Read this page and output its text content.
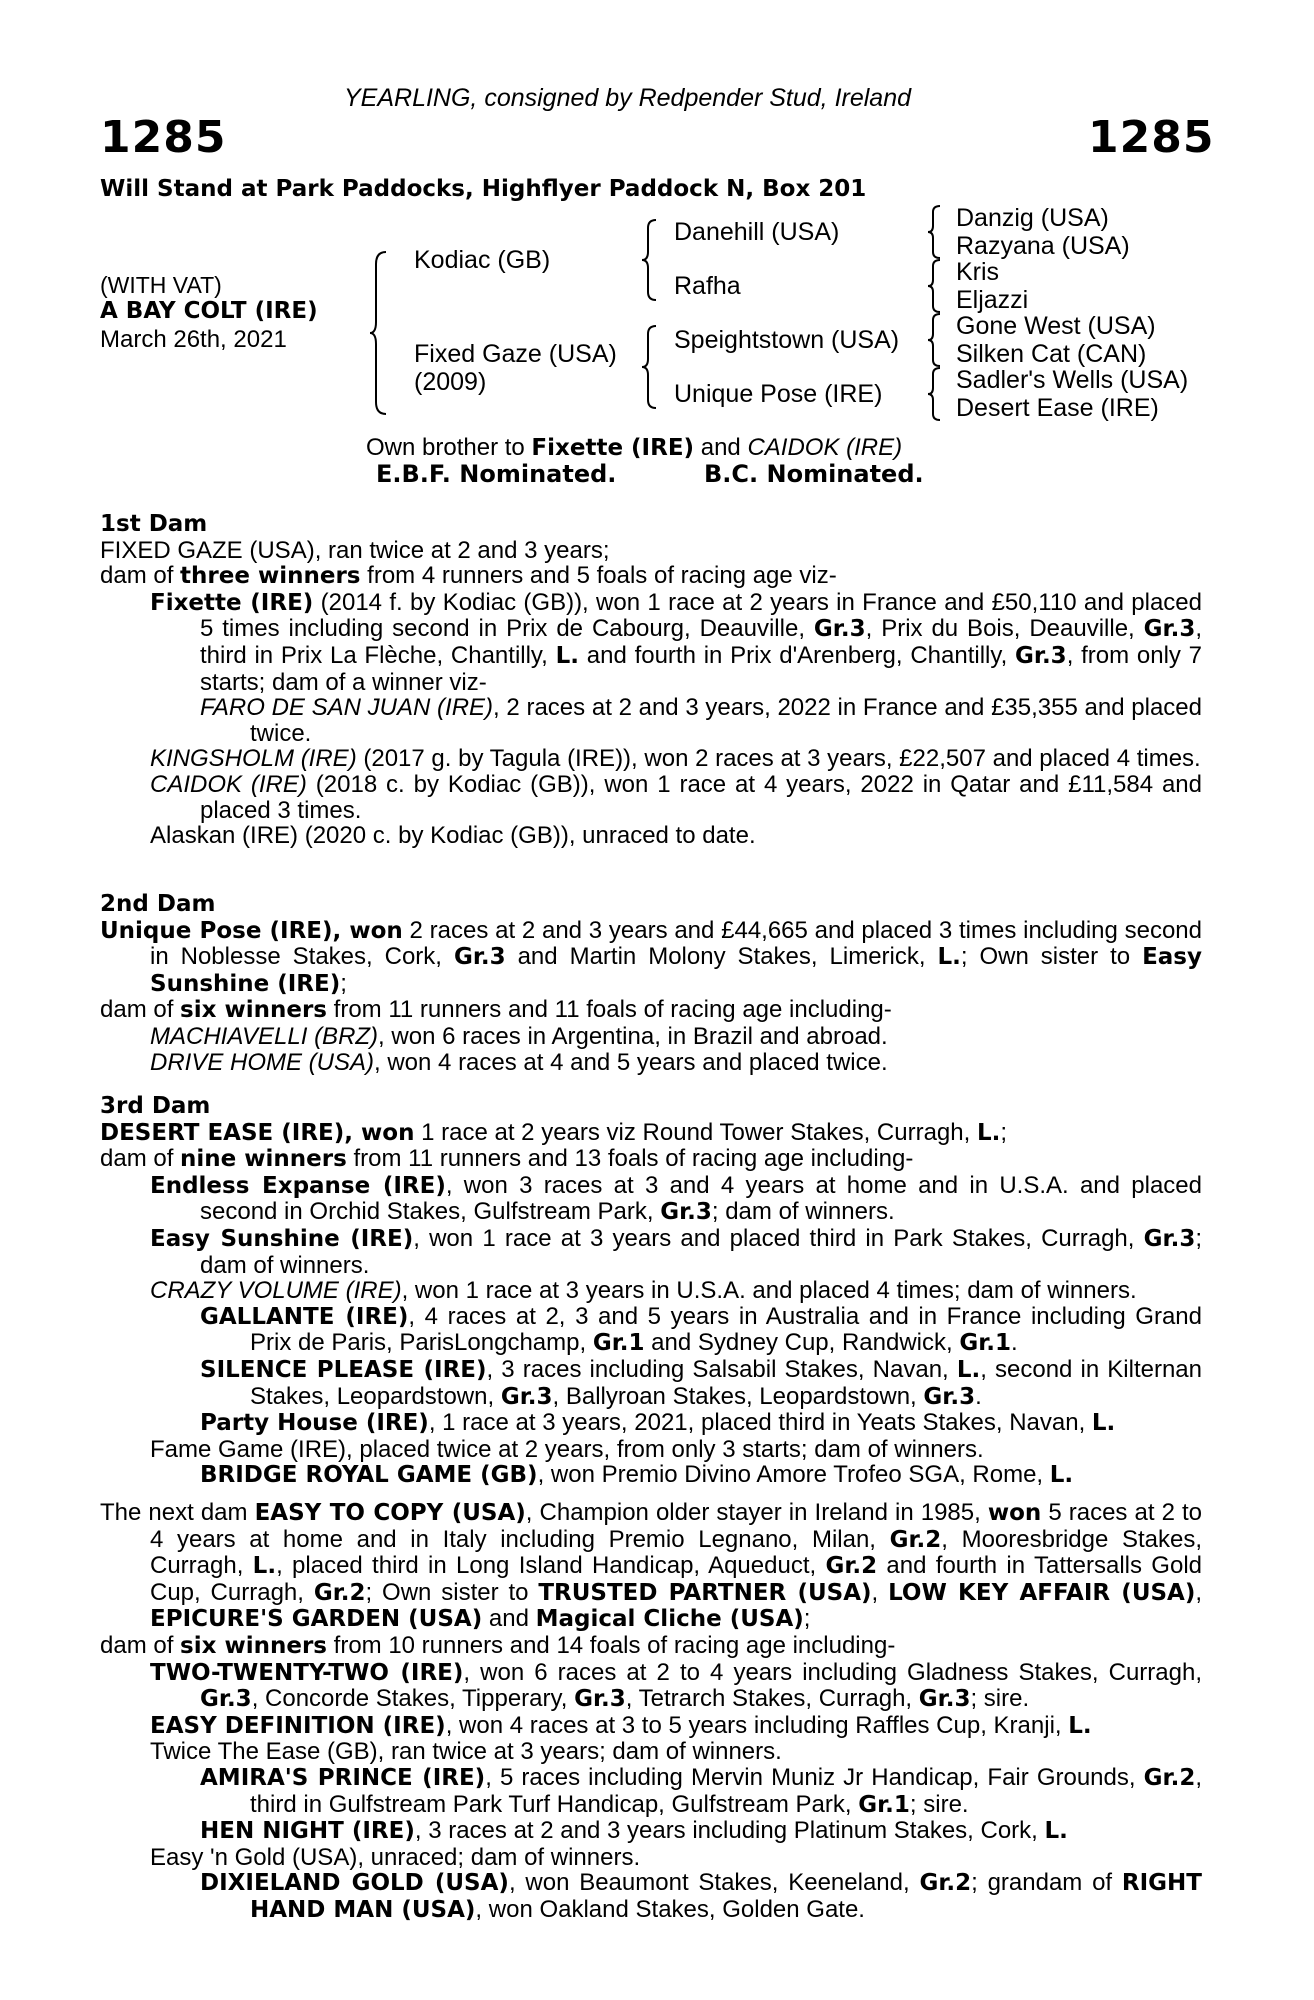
YEARLING, consigned by Redpender Stud, Ireland
1285	1285
Will Stand at Park Paddocks, Highflyer Paddock N, Box 201
(WITH VAT)
A BAY COLT (IRE)
March 26th, 2021
Kodiac (GB)
Fixed Gaze (USA)
(2009)
Danehill (USA)
Rafha
Speightstown (USA)
Unique Pose (IRE)
Danzig (USA)
Razyana (USA)
Kris
Eljazzi
Gone West (USA)
Silken Cat (CAN)
Sadler's Wells (USA)
Desert Ease (IRE)
Own brother to Fixette (IRE) and CAIDOK (IRE)
E.B.F. Nominated.	B.C. Nominated.
1st Dam
FIXED GAZE (USA), ran twice at 2 and 3 years;
dam of three winners from 4 runners and 5 foals of racing age viz-
Fixette (IRE) (2014 f. by Kodiac (GB)), won 1 race at 2 years in France and £50,110 and placed 5 times including second in Prix de Cabourg, Deauville, Gr.3, Prix du Bois, Deauville, Gr.3, third in Prix La Flèche, Chantilly, L. and fourth in Prix d'Arenberg, Chantilly, Gr.3, from only 7 starts; dam of a winner viz-
FARO DE SAN JUAN (IRE), 2 races at 2 and 3 years, 2022 in France and £35,355 and placed twice.
KINGSHOLM (IRE) (2017 g. by Tagula (IRE)), won 2 races at 3 years, £22,507 and placed 4 times.
CAIDOK (IRE) (2018 c. by Kodiac (GB)), won 1 race at 4 years, 2022 in Qatar and £11,584 and placed 3 times.
Alaskan (IRE) (2020 c. by Kodiac (GB)), unraced to date.
2nd Dam
Unique Pose (IRE), won 2 races at 2 and 3 years and £44,665 and placed 3 times including second in Noblesse Stakes, Cork, Gr.3 and Martin Molony Stakes, Limerick, L.; Own sister to Easy Sunshine (IRE);
dam of six winners from 11 runners and 11 foals of racing age including-
MACHIAVELLI (BRZ), won 6 races in Argentina, in Brazil and abroad.
DRIVE HOME (USA), won 4 races at 4 and 5 years and placed twice.
3rd Dam
DESERT EASE (IRE), won 1 race at 2 years viz Round Tower Stakes, Curragh, L.;
dam of nine winners from 11 runners and 13 foals of racing age including-
Endless Expanse (IRE), won 3 races at 3 and 4 years at home and in U.S.A. and placed second in Orchid Stakes, Gulfstream Park, Gr.3; dam of winners.
Easy Sunshine (IRE), won 1 race at 3 years and placed third in Park Stakes, Curragh, Gr.3; dam of winners.
CRAZY VOLUME (IRE), won 1 race at 3 years in U.S.A. and placed 4 times; dam of winners.
GALLANTE (IRE), 4 races at 2, 3 and 5 years in Australia and in France including Grand Prix de Paris, ParisLongchamp, Gr.1 and Sydney Cup, Randwick, Gr.1.
SILENCE PLEASE (IRE), 3 races including Salsabil Stakes, Navan, L., second in Kilternan Stakes, Leopardstown, Gr.3, Ballyroan Stakes, Leopardstown, Gr.3.
Party House (IRE), 1 race at 3 years, 2021, placed third in Yeats Stakes, Navan, L.
Fame Game (IRE), placed twice at 2 years, from only 3 starts; dam of winners.
BRIDGE ROYAL GAME (GB), won Premio Divino Amore Trofeo SGA, Rome, L.
The next dam EASY TO COPY (USA), Champion older stayer in Ireland in 1985, won 5 races at 2 to 4 years at home and in Italy including Premio Legnano, Milan, Gr.2, Mooresbridge Stakes, Curragh, L., placed third in Long Island Handicap, Aqueduct, Gr.2 and fourth in Tattersalls Gold Cup, Curragh, Gr.2; Own sister to TRUSTED PARTNER (USA), LOW KEY AFFAIR (USA), EPICURE'S GARDEN (USA) and Magical Cliche (USA);
dam of six winners from 10 runners and 14 foals of racing age including-
TWO-TWENTY-TWO (IRE), won 6 races at 2 to 4 years including Gladness Stakes, Curragh, Gr.3, Concorde Stakes, Tipperary, Gr.3, Tetrarch Stakes, Curragh, Gr.3; sire.
EASY DEFINITION (IRE), won 4 races at 3 to 5 years including Raffles Cup, Kranji, L.
Twice The Ease (GB), ran twice at 3 years; dam of winners.
AMIRA'S PRINCE (IRE), 5 races including Mervin Muniz Jr Handicap, Fair Grounds, Gr.2, third in Gulfstream Park Turf Handicap, Gulfstream Park, Gr.1; sire.
HEN NIGHT (IRE), 3 races at 2 and 3 years including Platinum Stakes, Cork, L.
Easy 'n Gold (USA), unraced; dam of winners.
DIXIELAND GOLD (USA), won Beaumont Stakes, Keeneland, Gr.2; grandam of RIGHT HAND MAN (USA), won Oakland Stakes, Golden Gate.
